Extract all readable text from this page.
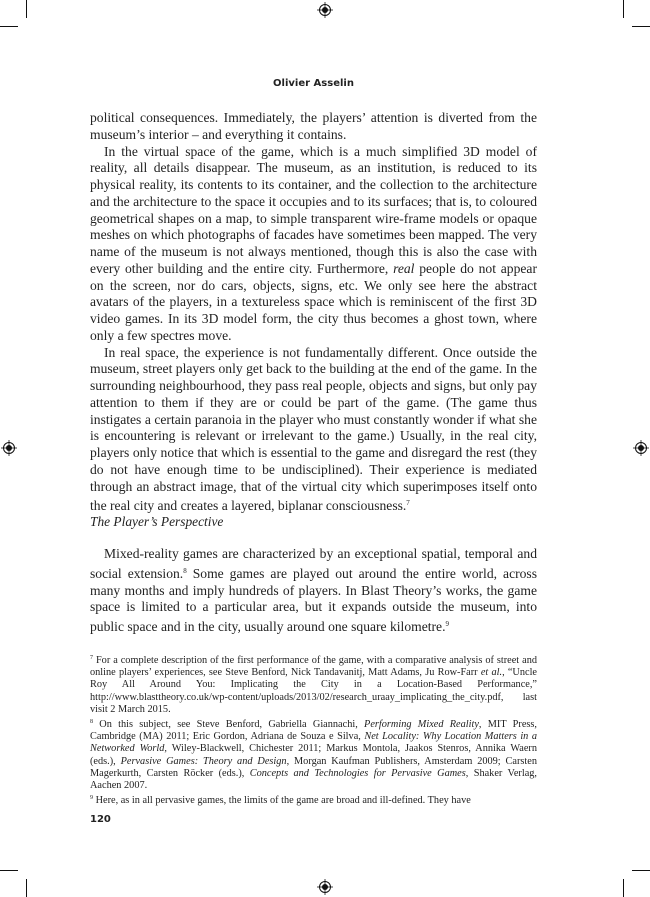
Olivier Asselin

political consequences. Immediately, the players’ attention is diverted from the museum’s interior – and everything it contains.

In the virtual space of the game, which is a much simplified 3D model of reality, all details disappear. The museum, as an institution, is reduced to its physical reality, its contents to its container, and the collection to the architecture and the architecture to the space it occupies and to its surfaces; that is, to coloured geometrical shapes on a map, to simple transparent wire-frame models or opaque meshes on which photographs of facades have sometimes been mapped. The very name of the museum is not always mentioned, though this is also the case with every other building and the entire city. Furthermore, real people do not appear on the screen, nor do cars, objects, signs, etc. We only see here the abstract avatars of the players, in a textureless space which is reminiscent of the first 3D video games. In its 3D model form, the city thus becomes a ghost town, where only a few spectres move.

In real space, the experience is not fundamentally different. Once outside the museum, street players only get back to the building at the end of the game. In the surrounding neighbourhood, they pass real people, objects and signs, but only pay attention to them if they are or could be part of the game. (The game thus instigates a certain paranoia in the player who must constantly wonder if what she is encountering is relevant or irrelevant to the game.) Usually, in the real city, players only notice that which is essential to the game and disregard the rest (they do not have enough time to be undisciplined). Their experience is mediated through an abstract image, that of the virtual city which superimposes itself onto the real city and creates a layered, biplanar consciousness.$^7$

The Player’s Perspective

Mixed-reality games are characterized by an exceptional spatial, temporal and social extension.$^8$ Some games are played out around the entire world, across many months and imply hundreds of players. In Blast Theory’s works, the game space is limited to a particular area, but it expands outside the museum, into public space and in the city, usually around one square kilometre.$^9$

$^7$ For a complete description of the first performance of the game, with a comparative analysis of street and online players’ experiences, see Steve Benford, Nick Tandavanitj, Matt Adams, Ju Row-Farr et al., “Uncle Roy All Around You: Implicating the City in a Location-Based Performance,” http://www.blasttheory.co.uk/wp-content/uploads/2013/02/research_uraay_implicating_the_city.pdf, last visit 2 March 2015.

$^8$ On this subject, see Steve Benford, Gabriella Giannachi, Performing Mixed Reality, MIT Press, Cambridge (MA) 2011; Eric Gordon, Adriana de Souza e Silva, Net Locality: Why Location Matters in a Networked World, Wiley-Blackwell, Chichester 2011; Markus Montola, Jaakos Stenros, Annika Waern (eds.), Pervasive Games: Theory and Design, Morgan Kaufman Publishers, Amsterdam 2009; Carsten Magerkurth, Carsten Röcker (eds.), Concepts and Technologies for Pervasive Games, Shaker Verlag, Aachen 2007.

$^9$ Here, as in all pervasive games, the limits of the game are broad and ill-defined. They have

120
